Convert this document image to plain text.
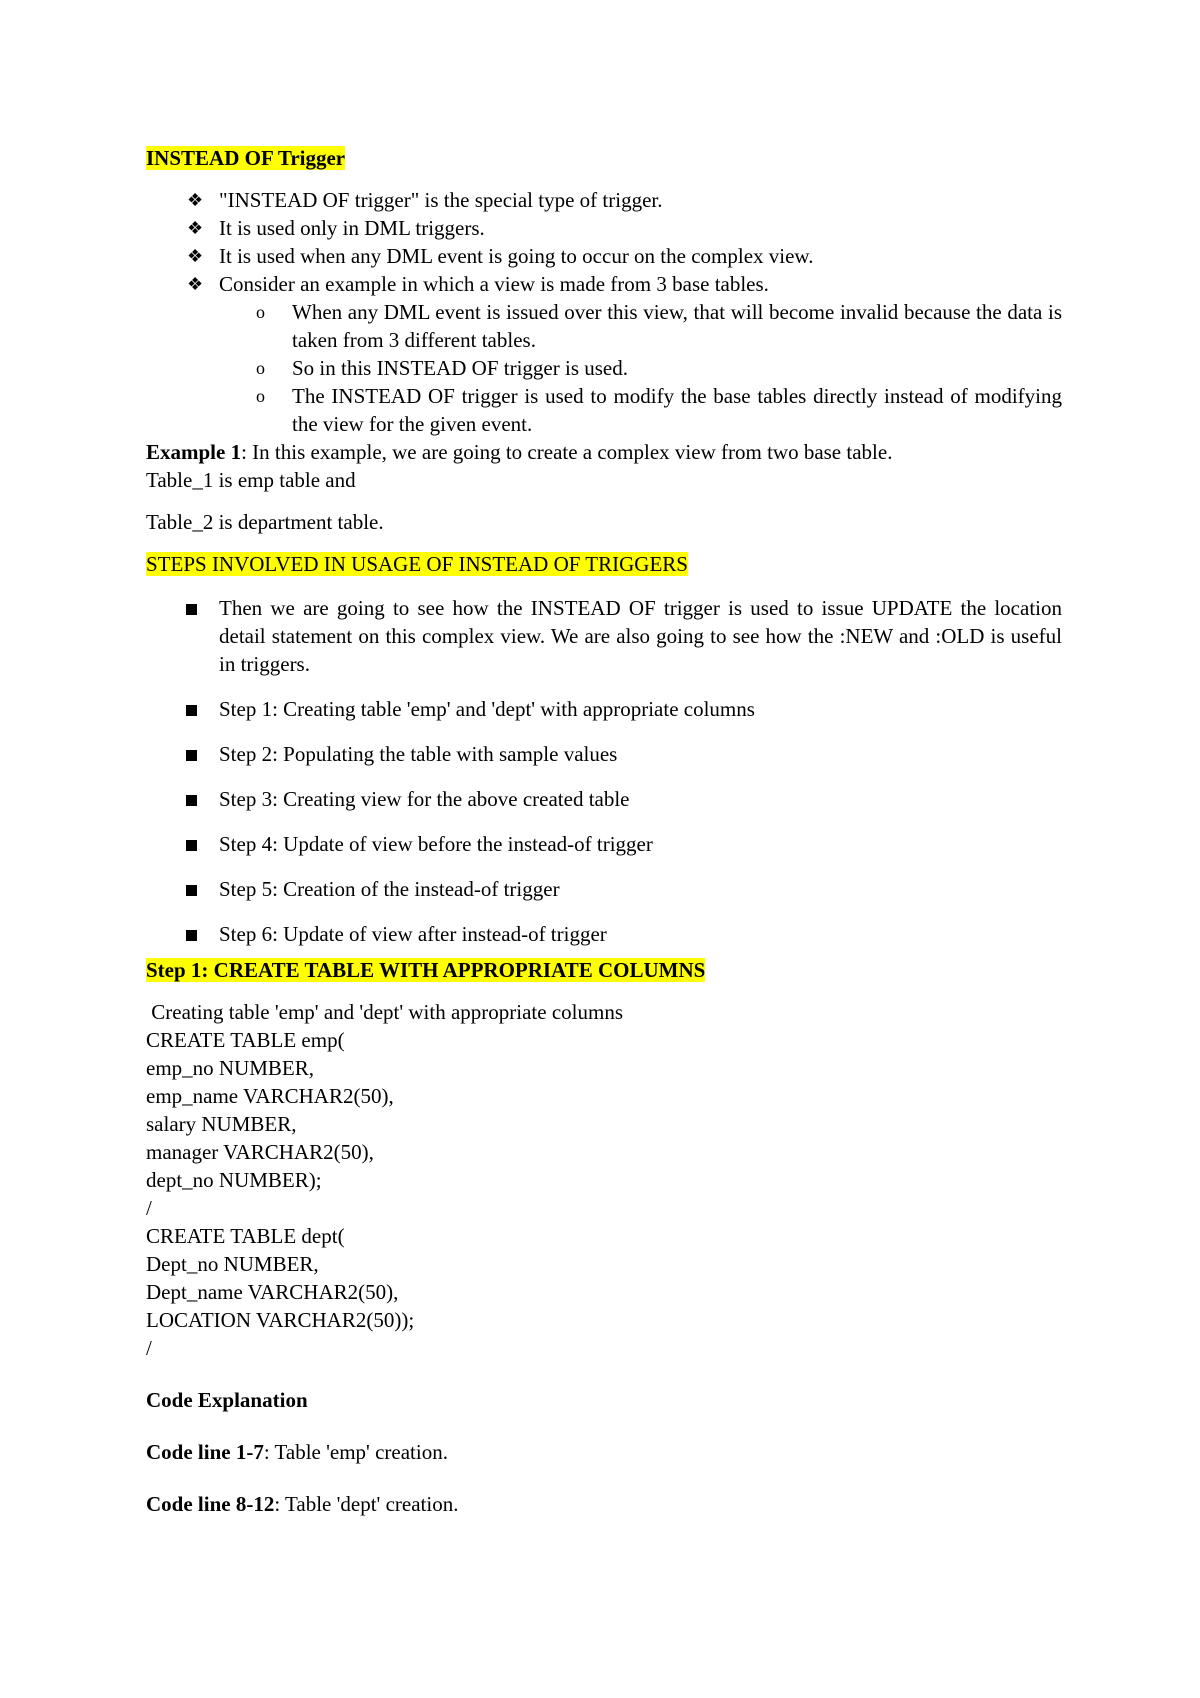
INSTEAD OF Trigger

❖ "INSTEAD OF trigger" is the special type of trigger.
❖ It is used only in DML triggers.
❖ It is used when any DML event is going to occur on the complex view.
❖ Consider an example in which a view is made from 3 base tables.
o When any DML event is issued over this view, that will become invalid because the data is taken from 3 different tables.
o So in this INSTEAD OF trigger is used.
o The INSTEAD OF trigger is used to modify the base tables directly instead of modifying the view for the given event.

Example 1: In this example, we are going to create a complex view from two base table.

Table_1 is emp table and

Table_2 is department table.

STEPS INVOLVED IN USAGE OF INSTEAD OF TRIGGERS

Then we are going to see how the INSTEAD OF trigger is used to issue UPDATE the location detail statement on this complex view. We are also going to see how the :NEW and :OLD is useful in triggers.
Step 1: Creating table 'emp' and 'dept' with appropriate columns
Step 2: Populating the table with sample values
Step 3: Creating view for the above created table
Step 4: Update of view before the instead-of trigger
Step 5: Creation of the instead-of trigger
Step 6: Update of view after instead-of trigger

Step 1: CREATE TABLE WITH APPROPRIATE COLUMNS

Creating table 'emp' and 'dept' with appropriate columns

CREATE TABLE emp(

emp_no NUMBER,

emp_name VARCHAR2(50),

salary NUMBER,

manager VARCHAR2(50),

dept_no NUMBER);

/

CREATE TABLE dept(

Dept_no NUMBER,

Dept_name VARCHAR2(50),

LOCATION VARCHAR2(50));

/

Code Explanation

Code line 1-7: Table 'emp' creation.

Code line 8-12: Table 'dept' creation.
